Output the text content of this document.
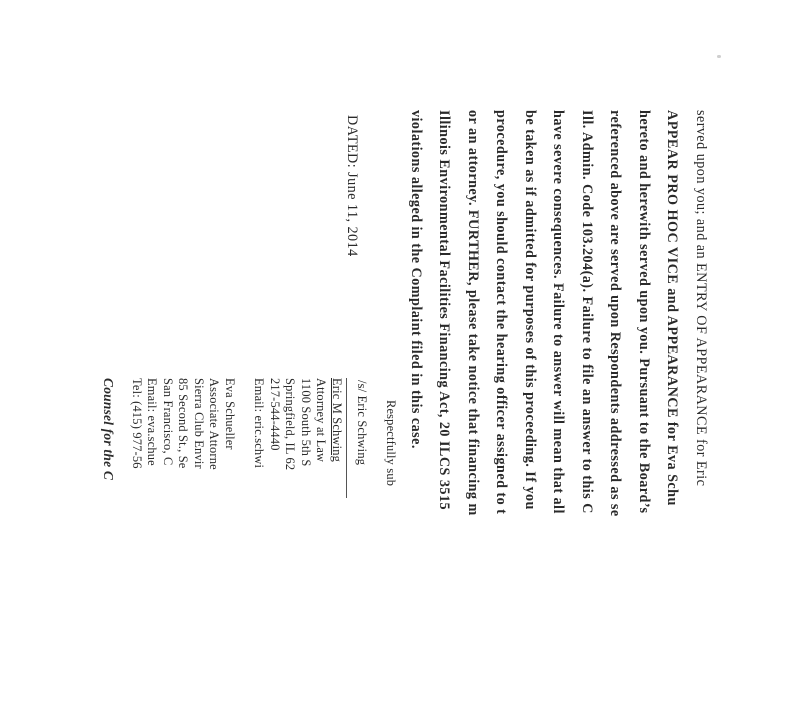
served upon you; and an ENTRY OF APPEARANCE for Eric
APPEAR PRO HOC VICE and APPEARANCE for Eva Schu
hereto and herewith served upon you. Pursuant to the Board’s
referenced above are served upon Respondents addressed as se
Ill. Admin. Code 103.204(a). Failure to file an answer to this C
have severe consequences. Failure to answer will mean that all
be taken as if admitted for purposes of this proceeding. If you
procedure, you should contact the hearing officer assigned to t
or an attorney. FURTHER, please take notice that financing m
Illinois Environmental Facilities Financing Act, 20 ILCS 3515
violations alleged in the Complaint filed in this case.
DATED: June 11, 2014
Respectfully sub
/s/ Eric Schwing
Eric M Schwing
Attorney at Law
1100 South 5th S
Springfield, IL 62
217-544-4440
Email: eric.schwi
Eva Schueller
Associate Attorne
Sierra Club Envir
85 Second St., Se
San Francisco, C
Email: eva.schue
Tel: (415) 977-56
Counsel for the C
